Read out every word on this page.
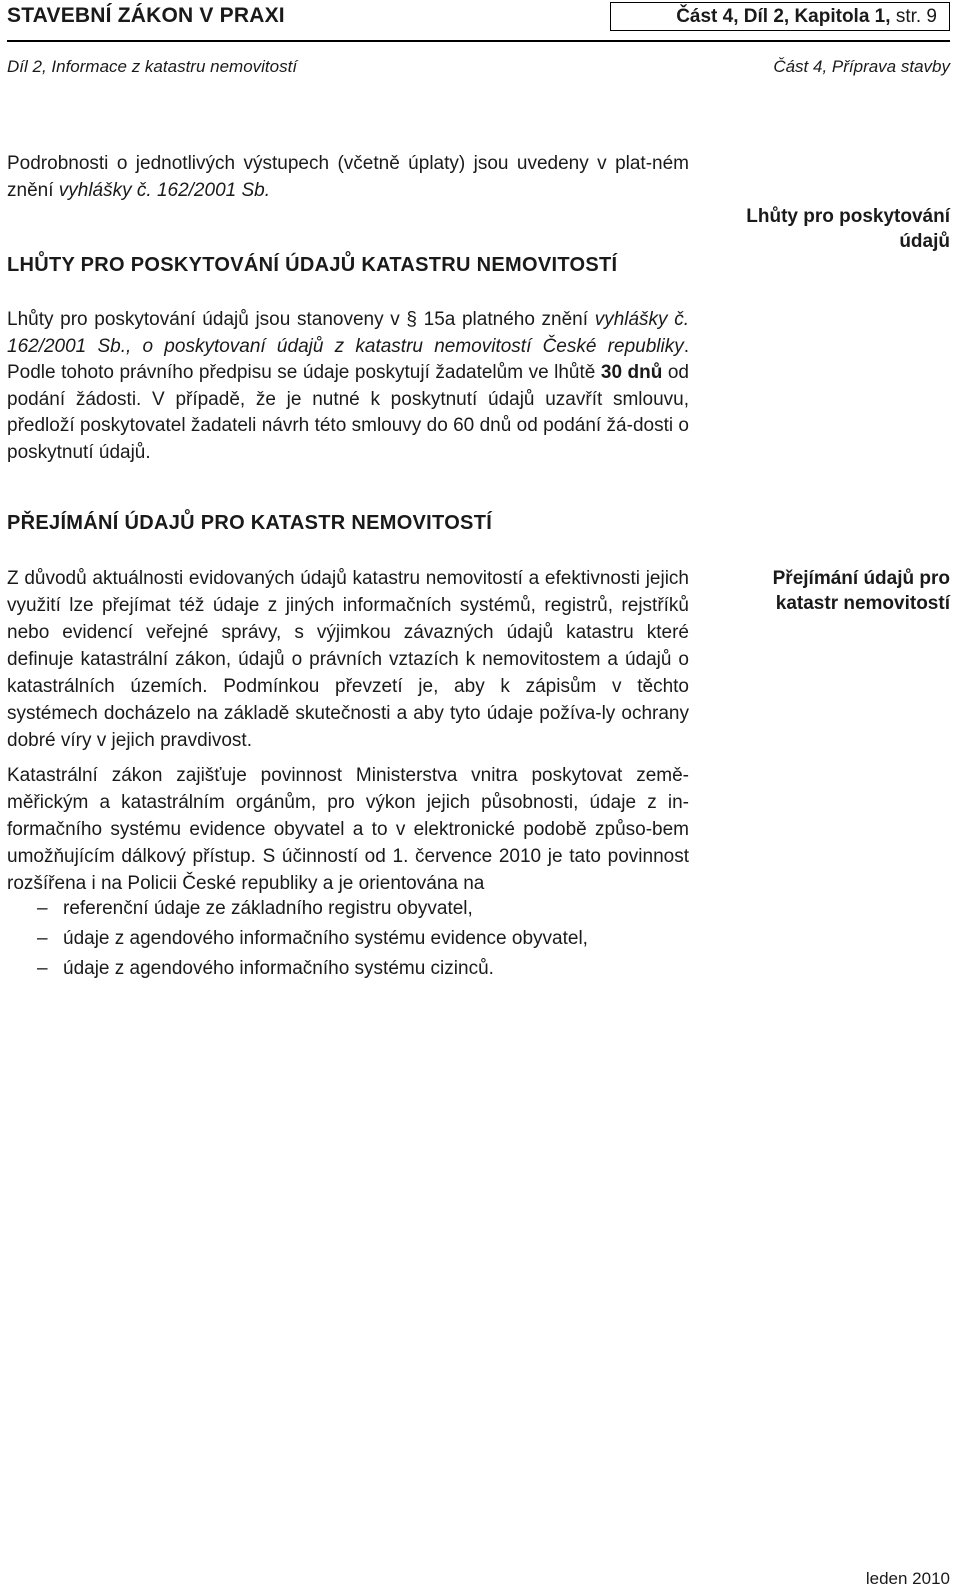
STAVEBNÍ ZÁKON V PRAXI	Část 4, Díl 2, Kapitola 1, str. 9
Díl 2, Informace z katastru nemovitostí	Část 4, Příprava stavby
Podrobnosti o jednotlivých výstupech (včetně úplaty) jsou uvedeny v plat-ném znění vyhlášky č. 162/2001 Sb.
Lhůty pro poskytování údajů
LHŮTY PRO POSKYTOVÁNÍ ÚDAJŮ KATASTRU NEMOVITOSTÍ
Lhůty pro poskytování údajů jsou stanoveny v § 15a platného znění vyhlášky č. 162/2001 Sb., o poskytovaní údajů z katastru nemovitostí České republiky. Podle tohoto právního předpisu se údaje poskytují žadatelům ve lhůtě 30 dnů od podání žádosti. V případě, že je nutné k poskytnutí údajů uzavřít smlouvu, předloží poskytovatel žadateli návrh této smlouvy do 60 dnů od podání žá-dosti o poskytnutí údajů.
PŘEJÍMÁNÍ ÚDAJŮ PRO KATASTR NEMOVITOSTÍ
Přejímání údajů pro katastr nemovitostí
Z důvodů aktuálnosti evidovaných údajů katastru nemovitostí a efektivnosti jejich využití lze přejímat též údaje z jiných informačních systémů, registrů, rejstříků nebo evidencí veřejné správy, s výjimkou závazných údajů katastru které definuje katastrální zákon, údajů o právních vztazích k nemovitostem a údajů o katastrálních územích. Podmínkou převzetí je, aby k zápisům v těchto systémech docházelo na základě skutečnosti a aby tyto údaje požíva-ly ochrany dobré víry v jejich pravdivost.
Katastrální zákon zajišťuje povinnost Ministerstva vnitra poskytovat země-měřickým a katastrálním orgánům, pro výkon jejich působnosti, údaje z in-formačního systému evidence obyvatel a to v elektronické podobě způso-bem umožňujícím dálkový přístup. S účinností od 1. července 2010 je tato povinnost rozšířena i na Policii České republiky a je orientována na
– referenční údaje ze základního registru obyvatel,
– údaje z agendového informačního systému evidence obyvatel,
– údaje z agendového informačního systému cizinců.
leden 2010
